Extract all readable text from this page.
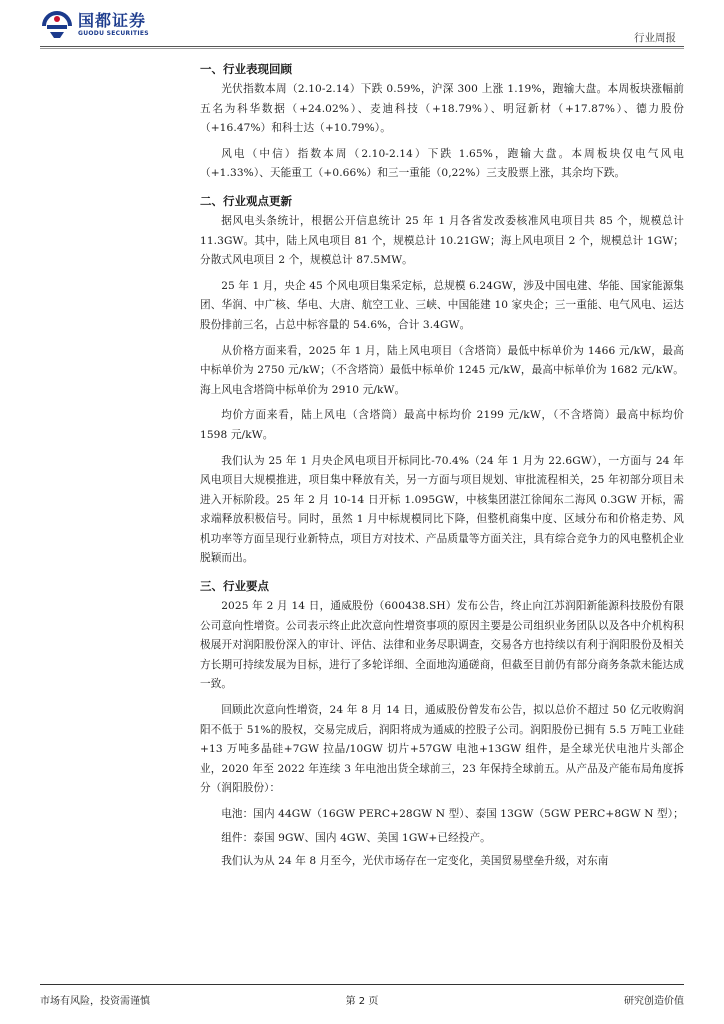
国都证券
GUODU SECURITIES	行业周报

一、行业表现回顾

光伏指数本周（2.10-2.14）下跌 0.59%，沪深 300 上涨 1.19%，跑输大盘。本周板块涨幅前五名为科华数据（+24.02%）、麦迪科技（+18.79%）、明冠新材（+17.87%）、德力股份（+16.47%）和科士达（+10.79%）。

风电（中信）指数本周（2.10-2.14）下跌 1.65%，跑输大盘。本周板块仅电气风电（+1.33%）、天能重工（+0.66%）和三一重能（0,22%）三支股票上涨，其余均下跌。

二、行业观点更新

据风电头条统计，根据公开信息统计 25 年 1 月各省发改委核准风电项目共 85 个，规模总计 11.3GW。其中，陆上风电项目 81 个，规模总计 10.21GW；海上风电项目 2 个，规模总计 1GW；分散式风电项目 2 个，规模总计 87.5MW。

25 年 1 月，央企 45 个风电项目集采定标，总规模 6.24GW，涉及中国电建、华能、国家能源集团、华润、中广核、华电、大唐、航空工业、三峡、中国能建 10 家央企；三一重能、电气风电、运达股份排前三名，占总中标容量的 54.6%，合计 3.4GW。

从价格方面来看，2025 年 1 月，陆上风电项目（含塔筒）最低中标单价为 1466 元/kW，最高中标单价为 2750 元/kW；（不含塔筒）最低中标单价 1245 元/kW，最高中标单价为 1682 元/kW。海上风电含塔筒中标单价为 2910 元/kW。

均价方面来看，陆上风电（含塔筒）最高中标均价 2199 元/kW，（不含塔筒）最高中标均价 1598 元/kW。

我们认为 25 年 1 月央企风电项目开标同比-70.4%（24 年 1 月为 22.6GW），一方面与 24 年风电项目大规模推进，项目集中释放有关，另一方面与项目规划、审批流程相关，25 年初部分项目未进入开标阶段。25 年 2 月 10-14 日开标 1.095GW，中核集团湛江徐闻东二海风 0.3GW 开标，需求端释放积极信号。同时，虽然 1 月中标规模同比下降，但整机商集中度、区域分布和价格走势、风机功率等方面呈现行业新特点，项目方对技术、产品质量等方面关注，具有综合竞争力的风电整机企业脱颖而出。

三、行业要点

2025 年 2 月 14 日，通威股份（600438.SH）发布公告，终止向江苏润阳新能源科技股份有限公司意向性增资。公司表示终止此次意向性增资事项的原因主要是公司组织业务团队以及各中介机构积极展开对润阳股份深入的审计、评估、法律和业务尽职调查，交易各方也持续以有利于润阳股份及相关方长期可持续发展为目标，进行了多轮详细、全面地沟通磋商，但截至目前仍有部分商务条款未能达成一致。

回顾此次意向性增资，24 年 8 月 14 日，通威股份曾发布公告，拟以总价不超过 50 亿元收购润阳不低于 51%的股权，交易完成后，润阳将成为通威的控股子公司。润阳股份已拥有 5.5 万吨工业硅+13 万吨多晶硅+7GW 拉晶/10GW 切片+57GW 电池+13GW 组件，是全球光伏电池片头部企业，2020 年至 2022 年连续 3 年电池出货全球前三，23 年保持全球前五。从产品及产能布局角度拆分（润阳股份）：

电池：国内 44GW（16GW PERC+28GW N 型）、泰国 13GW（5GW PERC+8GW N 型）；

组件：泰国 9GW、国内 4GW、美国 1GW+已经投产。

我们认为从 24 年 8 月至今，光伏市场存在一定变化，美国贸易壁垒升级，对东南

市场有风险，投资需谨慎	第 2 页	研究创造价值
